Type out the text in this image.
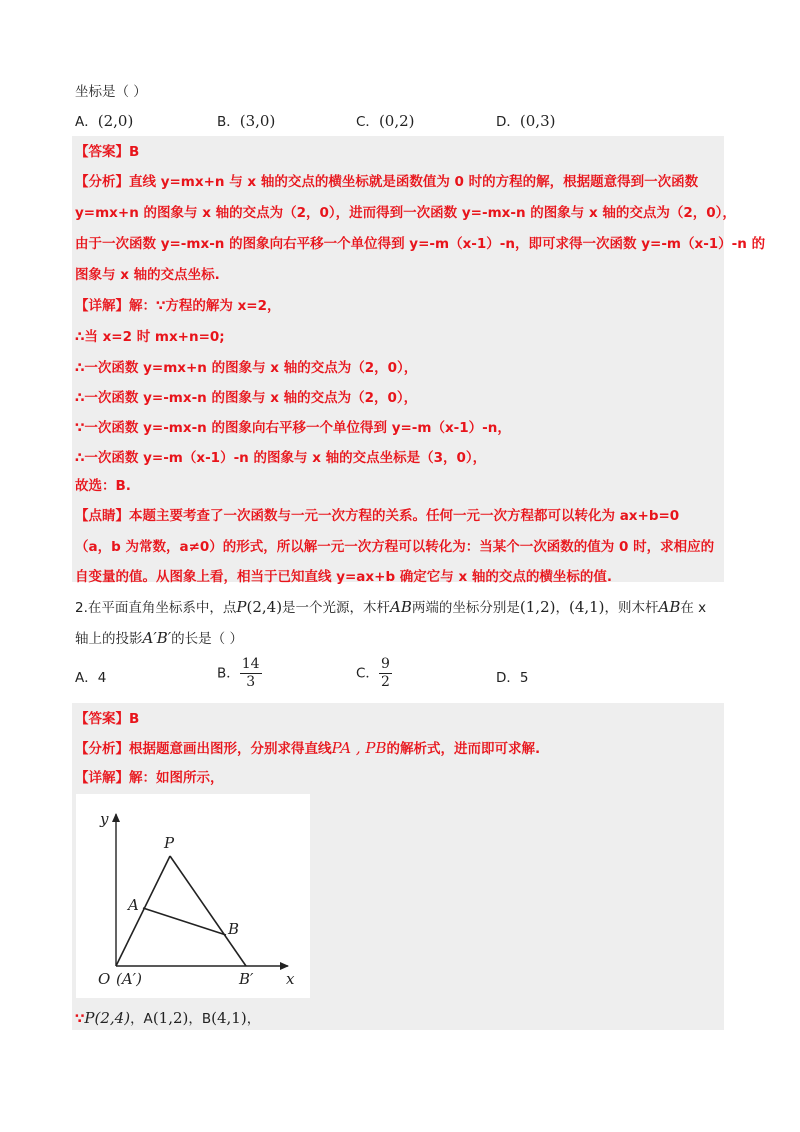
坐标是（ ）
A．(2,0)	B．(3,0)	C．(0,2)	D．(0,3)
【答案】B
【分析】直线 y=mx+n 与 x 轴的交点的横坐标就是函数值为 0 时的方程的解，根据题意得到一次函数
y=mx+n 的图象与 x 轴的交点为（2，0），进而得到一次函数 y=-mx-n 的图象与 x 轴的交点为（2，0），
由于一次函数 y=-mx-n 的图象向右平移一个单位得到 y=-m（x-1）-n，即可求得一次函数 y=-m（x-1）-n 的
图象与 x 轴的交点坐标.
【详解】解：∵方程的解为 x=2，
∴当 x=2 时 mx+n=0;
∴一次函数 y=mx+n 的图象与 x 轴的交点为（2，0），
∴一次函数 y=-mx-n 的图象与 x 轴的交点为（2，0），
∵一次函数 y=-mx-n 的图象向右平移一个单位得到 y=-m（x-1）-n，
∴一次函数 y=-m（x-1）-n 的图象与 x 轴的交点坐标是（3，0），
故选：B.
【点睛】本题主要考查了一次函数与一元一次方程的关系。任何一元一次方程都可以转化为 ax+b=0
（a，b 为常数，a≠0）的形式，所以解一元一次方程可以转化为：当某个一次函数的值为 0 时，求相应的
自变量的值。从图象上看，相当于已知直线 y=ax+b 确定它与 x 轴的交点的横坐标的值.
2.在平面直角坐标系中，点P(2,4)是一个光源，木杆AB两端的坐标分别是(1,2)，(4,1)，则木杆AB在 x
轴上的投影A′B′的长是（ ）
A．4	B． $\frac{14}{3}$	C． $\frac{9}{2}$	D．5
【答案】B
【分析】根据题意画出图形，分别求得直线PA , PB的解析式，进而即可求解.
【详解】解：如图所示，
y
x
O (A′)
P
A
B
B′
∵P(2,4)，A(1,2)，B(4,1)，
